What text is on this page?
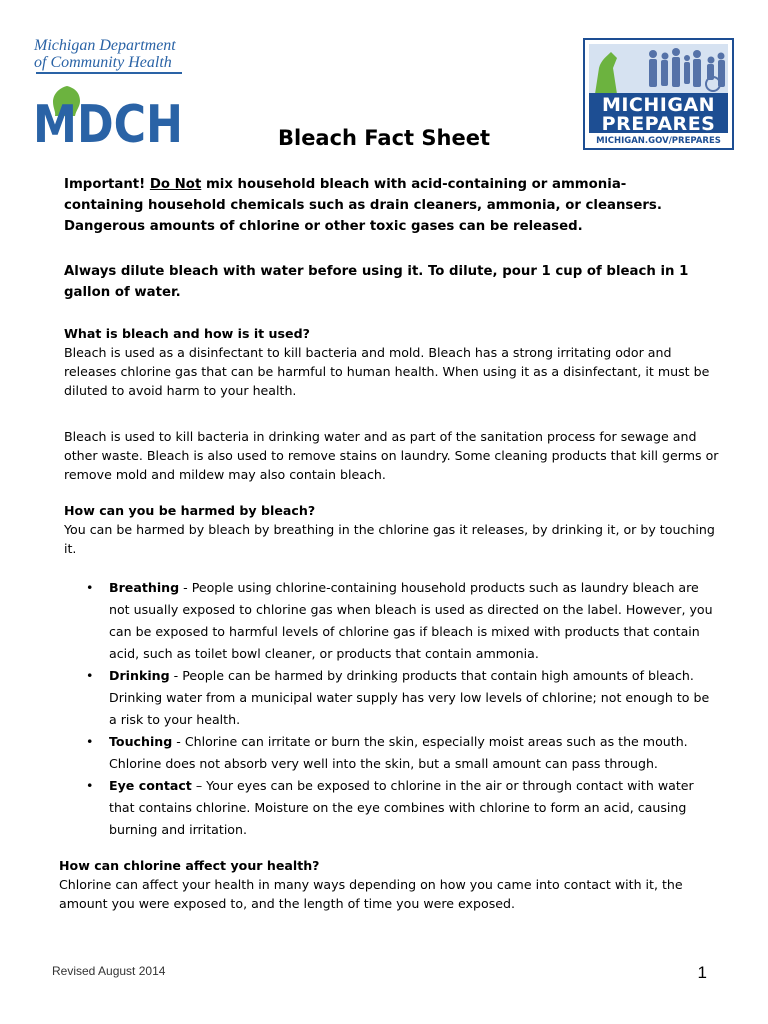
Michigan Department
of Community Health
MDCH	MICHIGAN
PREPARES
MICHIGAN.GOV/PREPARES
Bleach Fact Sheet
Important! Do Not mix household bleach with acid-containing or ammonia-containing household chemicals such as drain cleaners, ammonia, or cleansers. Dangerous amounts of chlorine or other toxic gases can be released.
Always dilute bleach with water before using it. To dilute, pour 1 cup of bleach in 1 gallon of water.
What is bleach and how is it used?
Bleach is used as a disinfectant to kill bacteria and mold. Bleach has a strong irritating odor and releases chlorine gas that can be harmful to human health. When using it as a disinfectant, it must be diluted to avoid harm to your health.
Bleach is used to kill bacteria in drinking water and as part of the sanitation process for sewage and other waste. Bleach is also used to remove stains on laundry. Some cleaning products that kill germs or remove mold and mildew may also contain bleach.
How can you be harmed by bleach?
You can be harmed by bleach by breathing in the chlorine gas it releases, by drinking it, or by touching it.
• Breathing - People using chlorine-containing household products such as laundry bleach are not usually exposed to chlorine gas when bleach is used as directed on the label. However, you can be exposed to harmful levels of chlorine gas if bleach is mixed with products that contain acid, such as toilet bowl cleaner, or products that contain ammonia.
• Drinking - People can be harmed by drinking products that contain high amounts of bleach. Drinking water from a municipal water supply has very low levels of chlorine; not enough to be a risk to your health.
• Touching - Chlorine can irritate or burn the skin, especially moist areas such as the mouth. Chlorine does not absorb very well into the skin, but a small amount can pass through.
• Eye contact – Your eyes can be exposed to chlorine in the air or through contact with water that contains chlorine. Moisture on the eye combines with chlorine to form an acid, causing burning and irritation.
How can chlorine affect your health?
Chlorine can affect your health in many ways depending on how you came into contact with it, the amount you were exposed to, and the length of time you were exposed.
Revised August 2014	1
